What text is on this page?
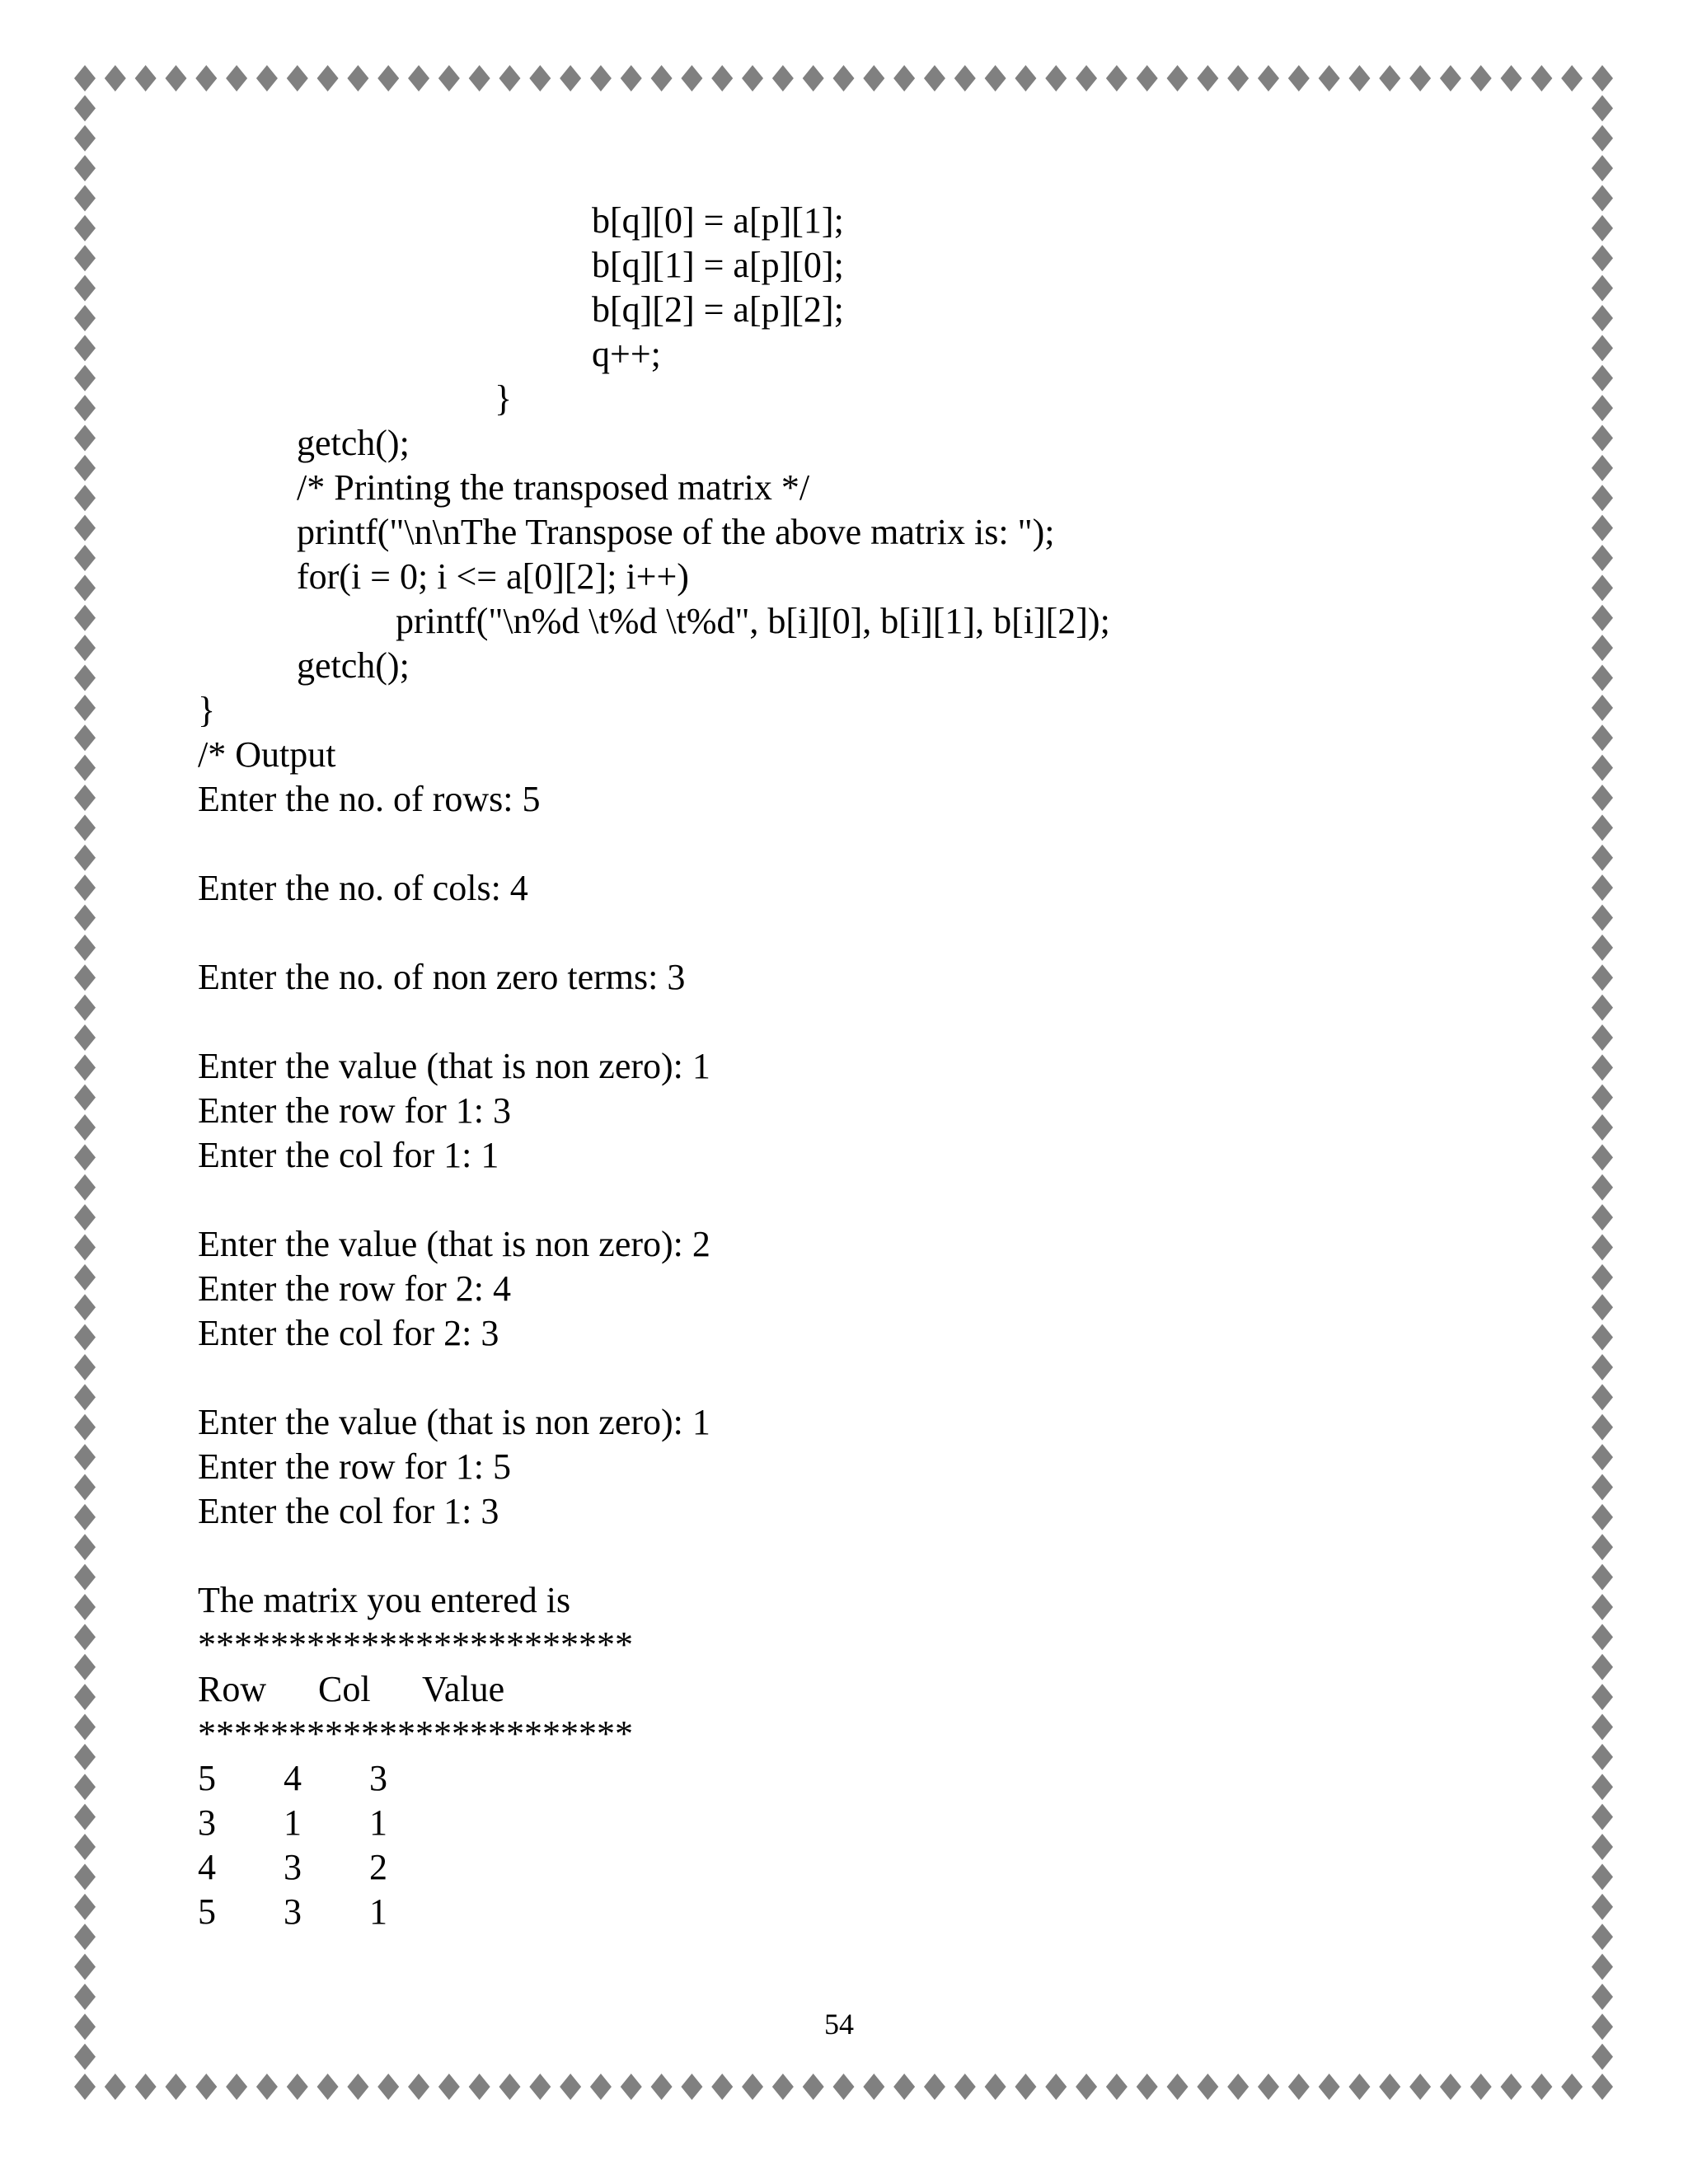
b[q][0] = a[p][1];
b[q][1] = a[p][0];
b[q][2] = a[p][2];
q++;
}
getch();
/* Printing the transposed matrix */
printf("\n\nThe Transpose of the above matrix is: ");
for(i = 0; i <= a[0][2]; i++)
printf("\n%d \t%d \t%d", b[i][0], b[i][1], b[i][2]);
getch();
}
/* Output
Enter the no. of rows: 5
Enter the no. of cols: 4
Enter the no. of non zero terms: 3
Enter the value (that is non zero): 1
Enter the row for 1: 3
Enter the col for 1: 1
Enter the value (that is non zero): 2
Enter the row for 2: 4
Enter the col for 2: 3
Enter the value (that is non zero): 1
Enter the row for 1: 5
Enter the col for 1: 3
The matrix you entered is
************************
Row Col Value
************************
5 4 3
3 1 1
4 3 2
5 3 1
54
